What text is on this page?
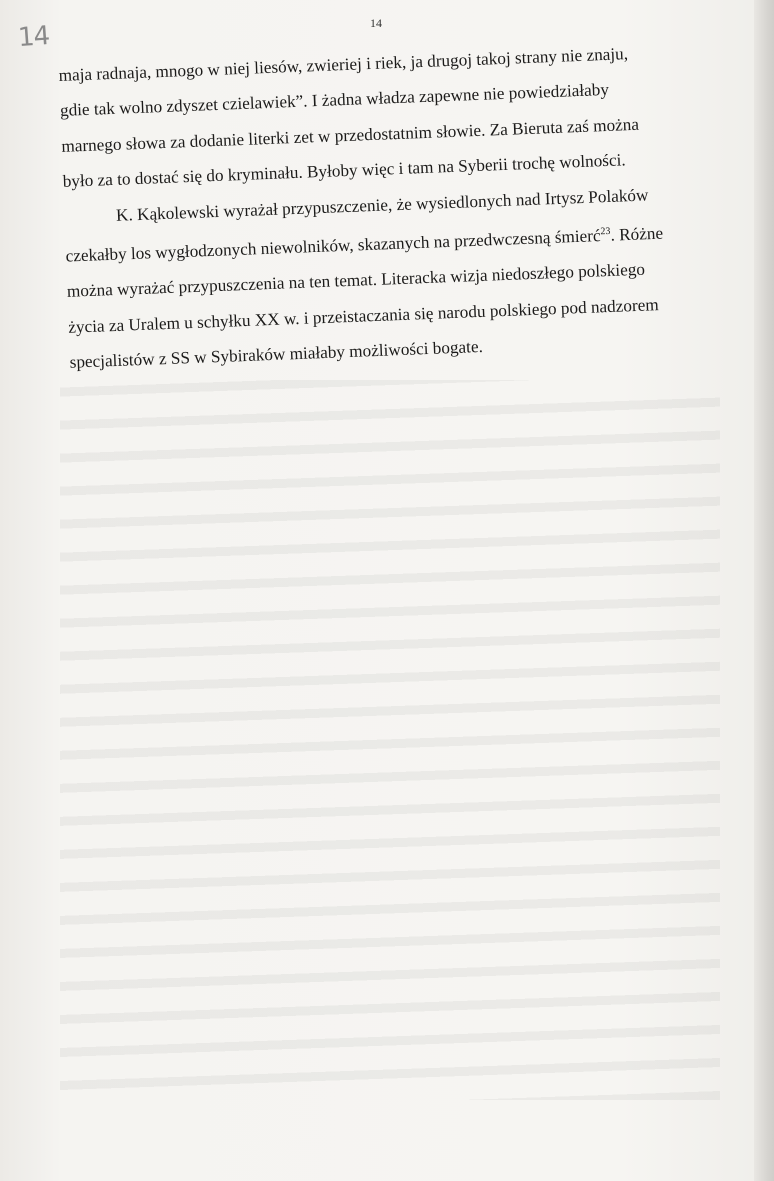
14	14
maja radnaja, mnogo w niej liesów, zwieriej i riek, ja drugoj takoj strany nie znaju,
gdie tak wolno zdyszet czielawiek”. I żadna władza zapewne nie powiedziałaby
marnego słowa za dodanie literki zet w przedostatnim słowie. Za Bieruta zaś można
było za to dostać się do kryminału. Byłoby więc i tam na Syberii trochę wolności.
K. Kąkolewski wyrażał przypuszczenie, że wysiedlonych nad Irtysz Polaków
czekałby los wygłodzonych niewolników, skazanych na przedwczesną śmierć$^{23}$. Różne
można wyrażać przypuszczenia na ten temat. Literacka wizja niedoszłego polskiego
życia za Uralem u schyłku XX w. i przeistaczania się narodu polskiego pod nadzorem
specjalistów z SS w Sybiraków miałaby możliwości bogate.
